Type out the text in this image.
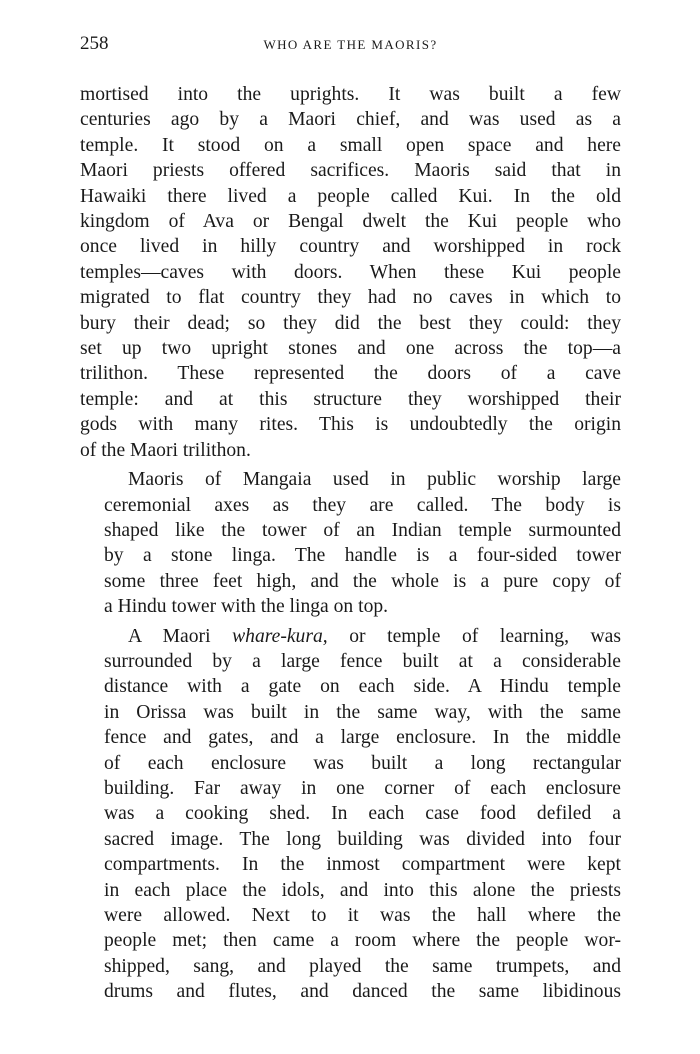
258	WHO ARE THE MAORIS?
mortised into the uprights. It was built a few
centuries ago by a Maori chief, and was used as a
temple. It stood on a small open space and here
Maori priests offered sacrifices. Maoris said that in
Hawaiki there lived a people called Kui. In the old
kingdom of Ava or Bengal dwelt the Kui people who
once lived in hilly country and worshipped in rock
temples—caves with doors. When these Kui people
migrated to flat country they had no caves in which to
bury their dead; so they did the best they could: they
set up two upright stones and one across the top—a
trilithon. These represented the doors of a cave
temple: and at this structure they worshipped their
gods with many rites. This is undoubtedly the origin
of the Maori trilithon.
Maoris of Mangaia used in public worship large
ceremonial axes as they are called. The body is
shaped like the tower of an Indian temple surmounted
by a stone linga. The handle is a four-sided tower
some three feet high, and the whole is a pure copy of
a Hindu tower with the linga on top.
A Maori whare-kura, or temple of learning, was
surrounded by a large fence built at a considerable
distance with a gate on each side. A Hindu temple
in Orissa was built in the same way, with the same
fence and gates, and a large enclosure. In the middle
of each enclosure was built a long rectangular
building. Far away in one corner of each enclosure
was a cooking shed. In each case food defiled a
sacred image. The long building was divided into four
compartments. In the inmost compartment were kept
in each place the idols, and into this alone the priests
were allowed. Next to it was the hall where the
people met; then came a room where the people wor-
shipped, sang, and played the same trumpets, and
drums and flutes, and danced the same libidinous
